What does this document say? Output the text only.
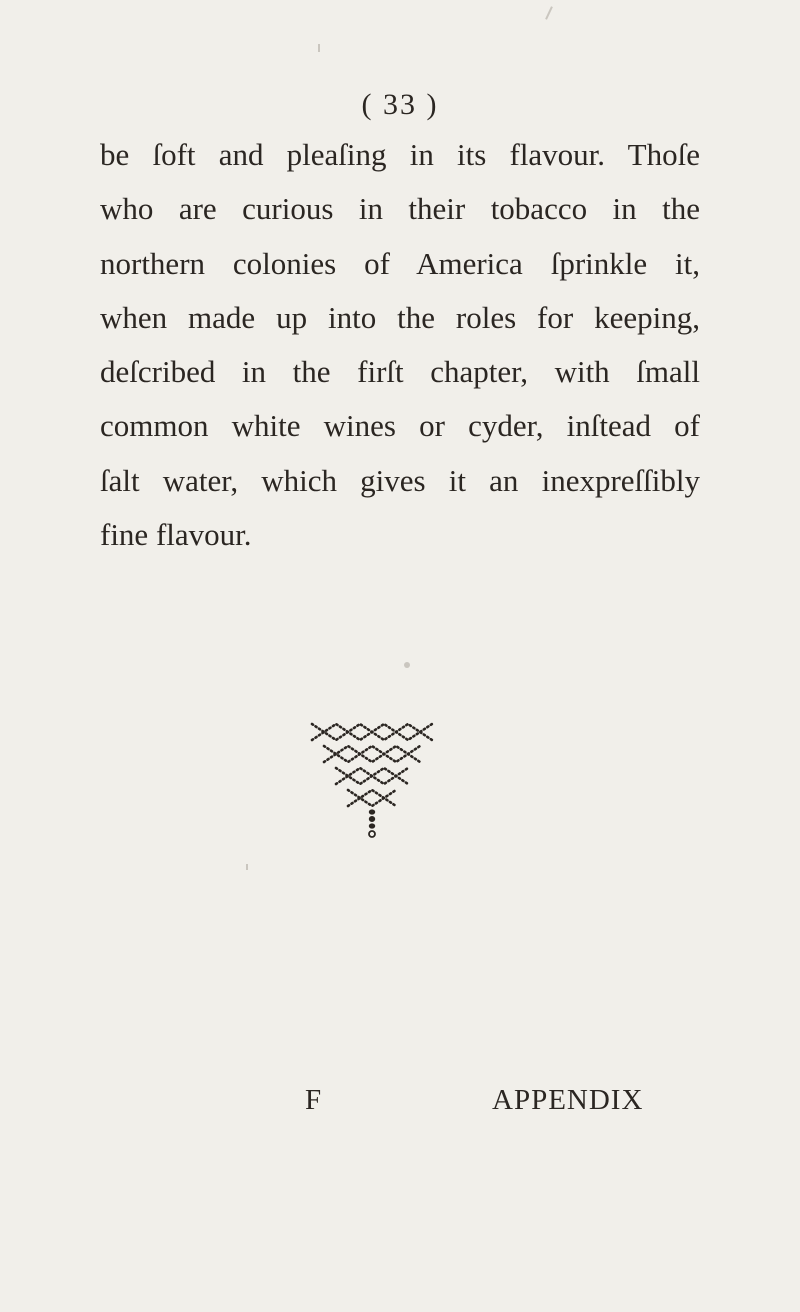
( 33 )
be ſoft and pleaſing in its flavour. Thoſe
who are curious in their tobacco in the
northern colonies of America ſprinkle it,
when made up into the roles for keeping,
deſcribed in the firſt chapter, with ſmall
common white wines or cyder, inſtead of
ſalt water, which gives it an inexpreſſibly
fine flavour.
F	APPENDIX
